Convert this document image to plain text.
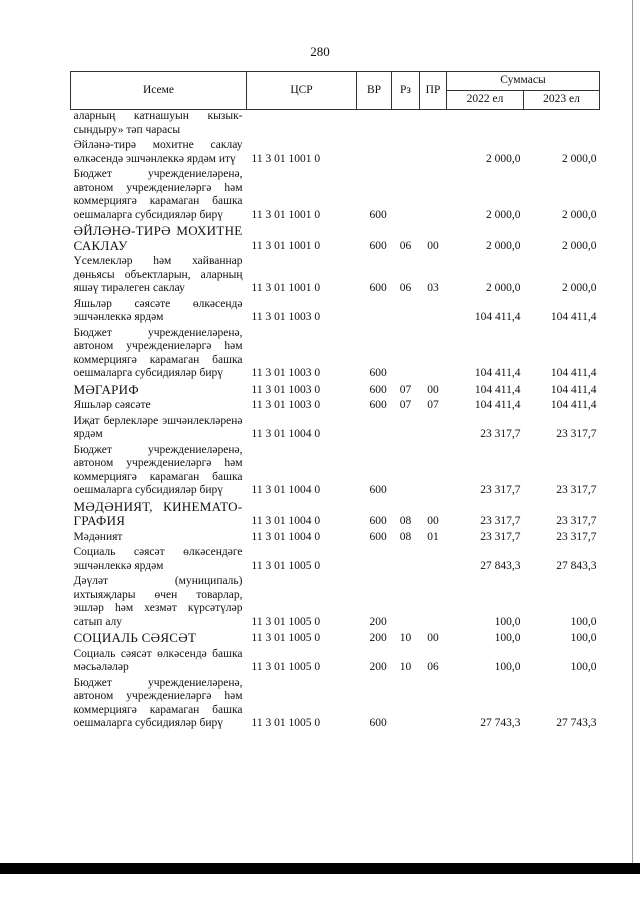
280
Исеме	ЦСР	ВР	Рз	ПР	Суммасы	
					2022 ел	2023 ел
аларның катнашуын кызык-сындыру» тәп чарасы						
Әйләнә-тирә мохитне саклау өлкәсендә эшчәнлеккә ярдәм итү	11 3 01 1001 0				2 000,0	2 000,0
Бюджет учреждениеләренә, автоном учреждениеләргә һәм коммерциягә карамаган башка оешмаларга субсидияләр бирү	11 3 01 1001 0	600			2 000,0	2 000,0
ӘЙЛӘНӘ-ТИРӘ МОХИТНЕ САКЛАУ	11 3 01 1001 0	600	06	00	2 000,0	2 000,0
Үсемлекләр һәм хайваннар дөньясы объектларын, аларның яшәү тирәлеген саклау	11 3 01 1001 0	600	06	03	2 000,0	2 000,0
Яшьләр сәясәте өлкәсендә эшчәнлеккә ярдәм	11 3 01 1003 0				104 411,4	104 411,4
Бюджет учреждениеләренә, автоном учреждениеләргә һәм коммерциягә карамаган башка оешмаларга субсидияләр бирү	11 3 01 1003 0	600			104 411,4	104 411,4
МӘГАРИФ	11 3 01 1003 0	600	07	00	104 411,4	104 411,4
Яшьләр сәясәте	11 3 01 1003 0	600	07	07	104 411,4	104 411,4
Иҗат берлекләре эшчәнлекләренә ярдәм	11 3 01 1004 0				23 317,7	23 317,7
Бюджет учреждениеләренә, автоном учреждениеләргә һәм коммерциягә карамаган башка оешмаларга субсидияләр бирү	11 3 01 1004 0	600			23 317,7	23 317,7
МӘДӘНИЯТ, КИНЕМАТО-ГРАФИЯ	11 3 01 1004 0	600	08	00	23 317,7	23 317,7
Мәдәният	11 3 01 1004 0	600	08	01	23 317,7	23 317,7
Социаль сәясәт өлкәсендәге эшчәнлеккә ярдәм	11 3 01 1005 0				27 843,3	27 843,3
Дәүләт (муниципаль) ихтыяҗлары өчен товарлар, эшләр һәм хезмәт күрсәтүләр сатып алу	11 3 01 1005 0	200			100,0	100,0
СОЦИАЛЬ СӘЯСӘТ	11 3 01 1005 0	200	10	00	100,0	100,0
Социаль сәясәт өлкәсендә башка мәсьәләләр	11 3 01 1005 0	200	10	06	100,0	100,0
Бюджет учреждениеләренә, автоном учреждениеләргә һәм коммерциягә карамаган башка оешмаларга субсидияләр бирү	11 3 01 1005 0	600			27 743,3	27 743,3
